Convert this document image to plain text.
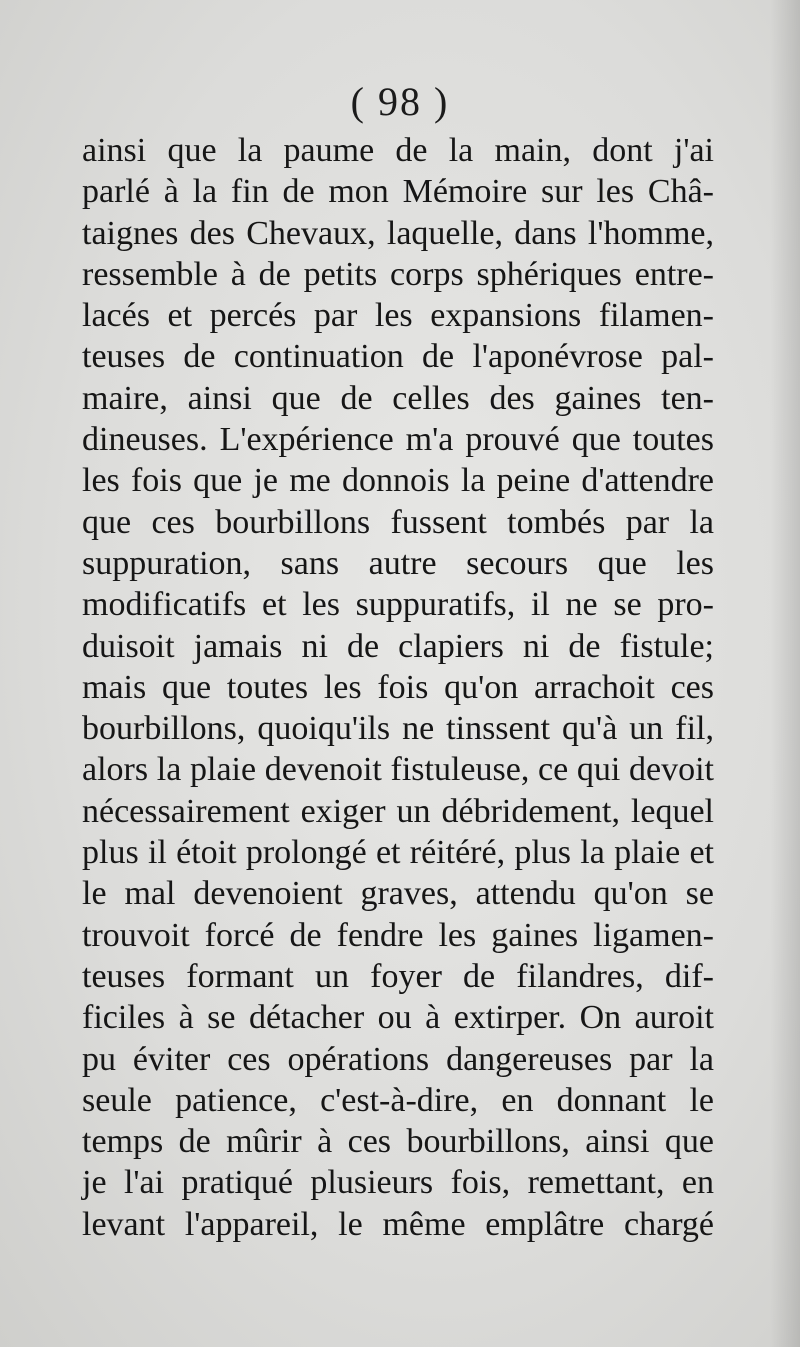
( 98 )
ainsi que la paume de la main, dont j'ai
parlé à la fin de mon Mémoire sur les Châ-
taignes des Chevaux, laquelle, dans l'homme,
ressemble à de petits corps sphériques entre-
lacés et percés par les expansions filamen-
teuses de continuation de l'aponévrose pal-
maire, ainsi que de celles des gaines ten-
dineuses. L'expérience m'a prouvé que toutes
les fois que je me donnois la peine d'attendre
que ces bourbillons fussent tombés par la
suppuration, sans autre secours que les
modificatifs et les suppuratifs, il ne se pro-
duisoit jamais ni de clapiers ni de fistule;
mais que toutes les fois qu'on arrachoit ces
bourbillons, quoiqu'ils ne tinssent qu'à un fil,
alors la plaie devenoit fistuleuse, ce qui devoit
nécessairement exiger un débridement, lequel
plus il étoit prolongé et réitéré, plus la plaie et
le mal devenoient graves, attendu qu'on se
trouvoit forcé de fendre les gaines ligamen-
teuses formant un foyer de filandres, dif-
ficiles à se détacher ou à extirper. On auroit
pu éviter ces opérations dangereuses par la
seule patience, c'est-à-dire, en donnant le
temps de mûrir à ces bourbillons, ainsi que
je l'ai pratiqué plusieurs fois, remettant, en
levant l'appareil, le même emplâtre chargé
